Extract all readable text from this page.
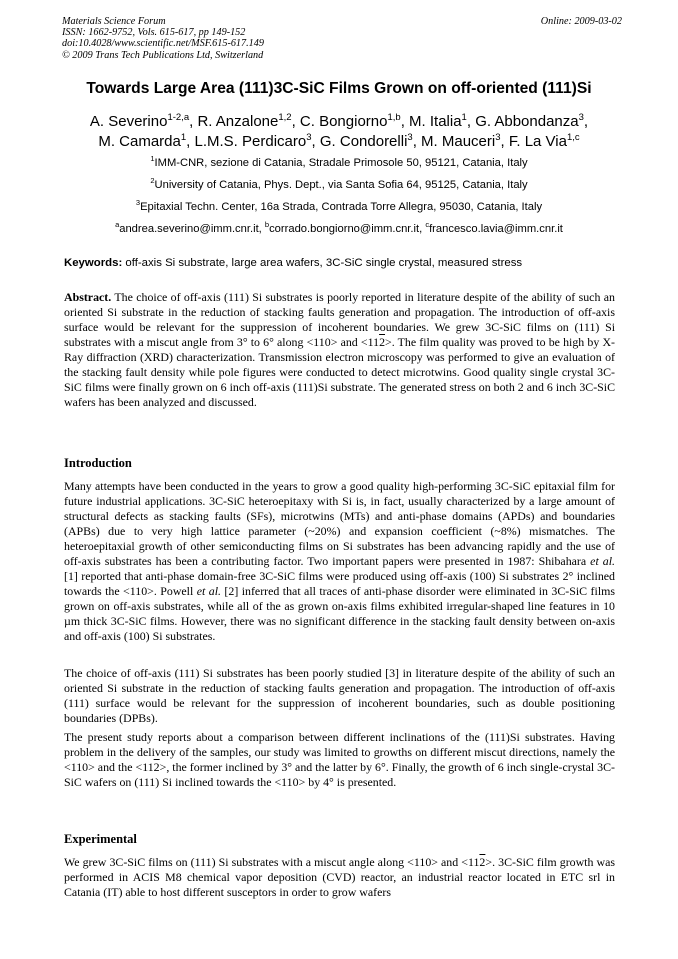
Materials Science Forum
ISSN: 1662-9752, Vols. 615-617, pp 149-152
doi:10.4028/www.scientific.net/MSF.615-617.149
© 2009 Trans Tech Publications Ltd, Switzerland
Online: 2009-03-02
Towards Large Area (111)3C-SiC Films Grown on off-oriented (111)Si
A. Severino$^{1-2,a}$, R. Anzalone$^{1,2}$, C. Bongiorno$^{1,b}$, M. Italia$^1$, G. Abbondanza$^3$,
M. Camarda$^1$, L.M.S. Perdicaro$^3$, G. Condorelli$^3$, M. Mauceri$^3$, F. La Via$^{1,c}$
$^1$IMM-CNR, sezione di Catania, Stradale Primosole 50, 95121, Catania, Italy
$^2$University of Catania, Phys. Dept., via Santa Sofia 64, 95125, Catania, Italy
$^3$Epitaxial Techn. Center, 16a Strada, Contrada Torre Allegra, 95030, Catania, Italy
$^a$andrea.severino@imm.cnr.it, $^b$corrado.bongiorno@imm.cnr.it, $^c$francesco.lavia@imm.cnr.it
Keywords: off-axis Si substrate, large area wafers, 3C-SiC single crystal, measured stress
Abstract. The choice of off-axis (111) Si substrates is poorly reported in literature despite of the ability of such an oriented Si substrate in the reduction of stacking faults generation and propagation. The introduction of off-axis surface would be relevant for the suppression of incoherent boundaries. We grew 3C-SiC films on (111) Si substrates with a miscut angle from 3° to 6° along <110> and <112>. The film quality was proved to be high by X-Ray diffraction (XRD) characterization. Transmission electron microscopy was performed to give an evaluation of the stacking fault density while pole figures were conducted to detect microtwins. Good quality single crystal 3C-SiC films were finally grown on 6 inch off-axis (111)Si substrate. The generated stress on both 2 and 6 inch 3C-SiC wafers has been analyzed and discussed.
Introduction
Many attempts have been conducted in the years to grow a good quality high-performing 3C-SiC epitaxial film for future industrial applications. 3C-SiC heteroepitaxy with Si is, in fact, usually characterized by a large amount of structural defects as stacking faults (SFs), microtwins (MTs) and anti-phase domains (APDs) and boundaries (APBs) due to very high lattice parameter (~20%) and expansion coefficient (~8%) mismatches. The heteroepitaxial growth of other semiconducting films on Si substrates has been advancing rapidly and the use of off-axis substrates has been a contributing factor. Two important papers were presented in 1987: Shibahara et al. [1] reported that anti-phase domain-free 3C-SiC films were produced using off-axis (100) Si substrates 2° inclined towards the <110>. Powell et al. [2] inferred that all traces of anti-phase disorder were eliminated in 3C-SiC films grown on off-axis substrates, while all of the as grown on-axis films exhibited irregular-shaped line features in 10 µm thick 3C-SiC films. However, there was no significant difference in the stacking fault density between on-axis and off-axis (100) Si substrates.
The choice of off-axis (111) Si substrates has been poorly studied [3] in literature despite of the ability of such an oriented Si substrate in the reduction of stacking faults generation and propagation. The introduction of off-axis (111) surface would be relevant for the suppression of incoherent boundaries, such as double positioning boundaries (DPBs).
The present study reports about a comparison between different inclinations of the (111)Si substrates. Having problem in the delivery of the samples, our study was limited to growths on different miscut directions, namely the <110> and the <112>, the former inclined by 3° and the latter by 6°. Finally, the growth of 6 inch single-crystal 3C-SiC wafers on (111) Si inclined towards the <110> by 4° is presented.
Experimental
We grew 3C-SiC films on (111) Si substrates with a miscut angle along <110> and <112>. 3C-SiC film growth was performed in ACIS M8 chemical vapor deposition (CVD) reactor, an industrial reactor located in ETC srl in Catania (IT) able to host different susceptors in order to grow wafers
